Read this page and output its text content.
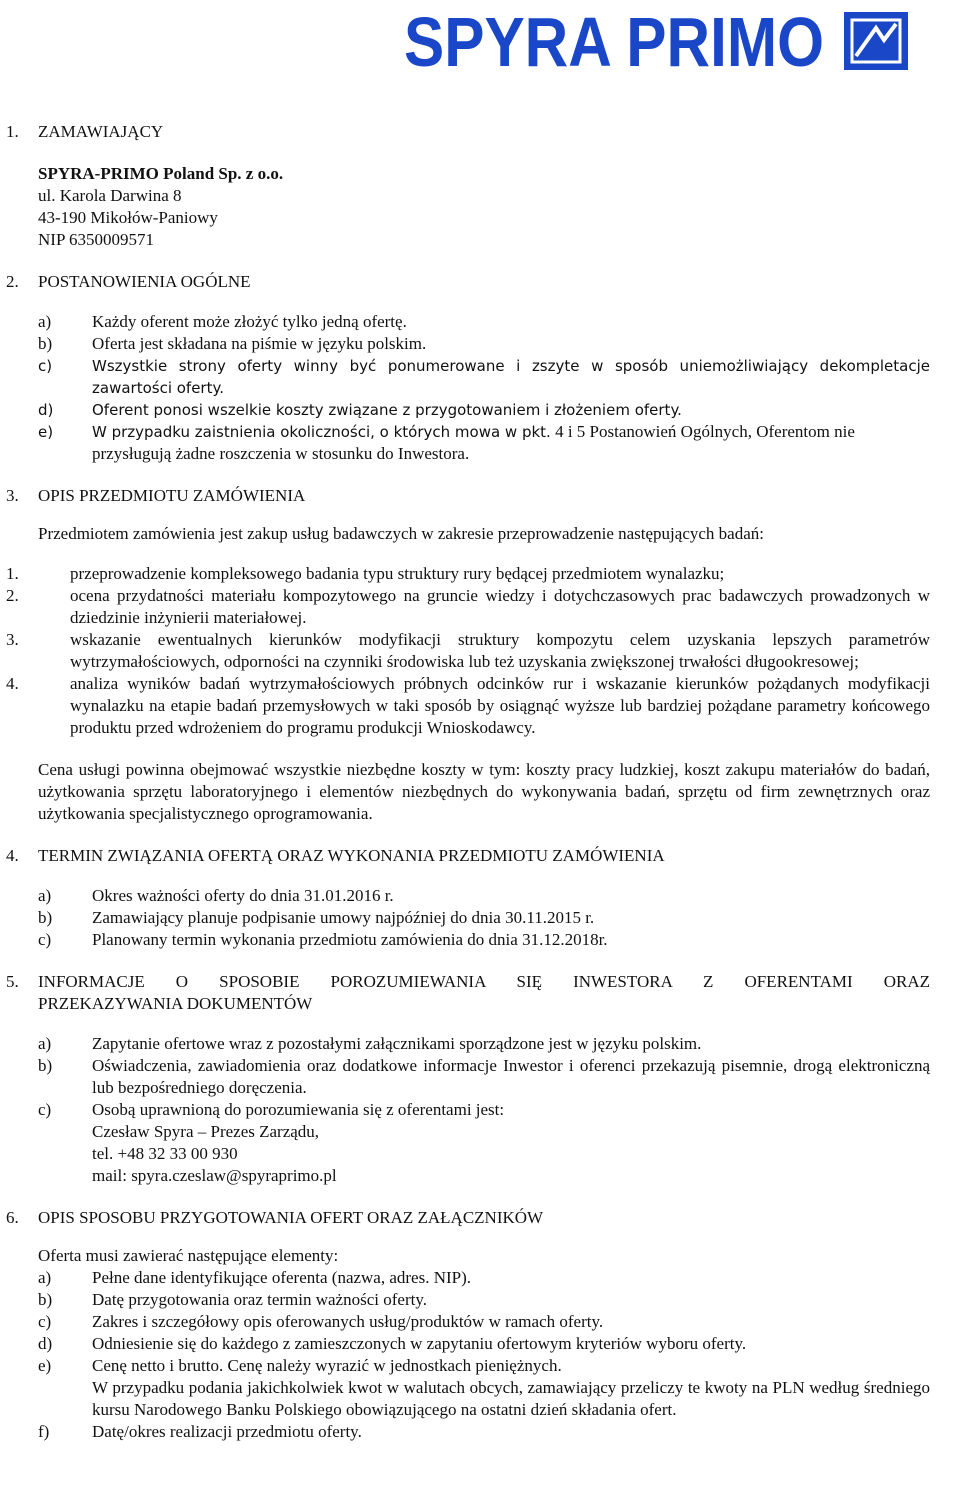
SPYRA PRIMO
1.	ZAMAWIAJĄCY
SPYRA-PRIMO Poland Sp. z o.o.
ul. Karola Darwina 8
43-190 Mikołów-Paniowy
NIP 6350009571
2.	POSTANOWIENIA OGÓLNE
a)	Każdy oferent może złożyć tylko jedną ofertę.
b)	Oferta jest składana na piśmie w języku polskim.
c)	Wszystkie strony oferty winny być ponumerowane i zszyte w sposób uniemożliwiający dekompletacje zawartości oferty.
d)	Oferent ponosi wszelkie koszty związane z przygotowaniem i złożeniem oferty.
e)	W przypadku zaistnienia okoliczności, o których mowa w pkt. 4 i 5 Postanowień Ogólnych, Oferentom nie przysługują żadne roszczenia w stosunku do Inwestora.
3.	OPIS PRZEDMIOTU ZAMÓWIENIA
Przedmiotem zamówienia jest zakup usług badawczych w zakresie przeprowadzenie następujących badań:
1.	przeprowadzenie kompleksowego badania typu struktury rury będącej przedmiotem wynalazku;
2.	ocena przydatności materiału kompozytowego na gruncie wiedzy i dotychczasowych prac badawczych prowadzonych w dziedzinie inżynierii materiałowej.
3.	wskazanie ewentualnych kierunków modyfikacji struktury kompozytu celem uzyskania lepszych parametrów wytrzymałościowych, odporności na czynniki środowiska lub też uzyskania zwiększonej trwałości długookresowej;
4.	analiza wyników badań wytrzymałościowych próbnych odcinków rur i wskazanie kierunków pożądanych modyfikacji wynalazku na etapie badań przemysłowych w taki sposób by osiągnąć wyższe lub bardziej pożądane parametry końcowego produktu przed wdrożeniem do programu produkcji Wnioskodawcy.
Cena usługi powinna obejmować wszystkie niezbędne koszty w tym: koszty pracy ludzkiej, koszt zakupu materiałów do badań, użytkowania sprzętu laboratoryjnego i elementów niezbędnych do wykonywania badań, sprzętu od firm zewnętrznych oraz użytkowania specjalistycznego oprogramowania.
4.	TERMIN ZWIĄZANIA OFERTĄ ORAZ WYKONANIA PRZEDMIOTU ZAMÓWIENIA
a)	Okres ważności oferty do dnia 31.01.2016 r.
b)	Zamawiający planuje podpisanie umowy najpóźniej do dnia 30.11.2015 r.
c)	Planowany termin wykonania przedmiotu zamówienia do dnia 31.12.2018r.
5.	INFORMACJE O SPOSOBIE POROZUMIEWANIA SIĘ INWESTORA Z OFERENTAMI ORAZ
PRZEKAZYWANIA DOKUMENTÓW
a)	Zapytanie ofertowe wraz z pozostałymi załącznikami sporządzone jest w języku polskim.
b)	Oświadczenia, zawiadomienia oraz dodatkowe informacje Inwestor i oferenci przekazują pisemnie, drogą elektroniczną lub bezpośredniego doręczenia.
c)	Osobą uprawnioną do porozumiewania się z oferentami jest:
Czesław Spyra – Prezes Zarządu,
tel. +48 32 33 00 930
mail: spyra.czeslaw@spyraprimo.pl
6.	OPIS SPOSOBU PRZYGOTOWANIA OFERT ORAZ ZAŁĄCZNIKÓW
Oferta musi zawierać następujące elementy:
a)	Pełne dane identyfikujące oferenta (nazwa, adres. NIP).
b)	Datę przygotowania oraz termin ważności oferty.
c)	Zakres i szczegółowy opis oferowanych usług/produktów w ramach oferty.
d)	Odniesienie się do każdego z zamieszczonych w zapytaniu ofertowym kryteriów wyboru oferty.
e)	Cenę netto i brutto. Cenę należy wyrazić w jednostkach pieniężnych.
W przypadku podania jakichkolwiek kwot w walutach obcych, zamawiający przeliczy te kwoty na PLN według średniego kursu Narodowego Banku Polskiego obowiązującego na ostatni dzień składania ofert.
f)	Datę/okres realizacji przedmiotu oferty.
